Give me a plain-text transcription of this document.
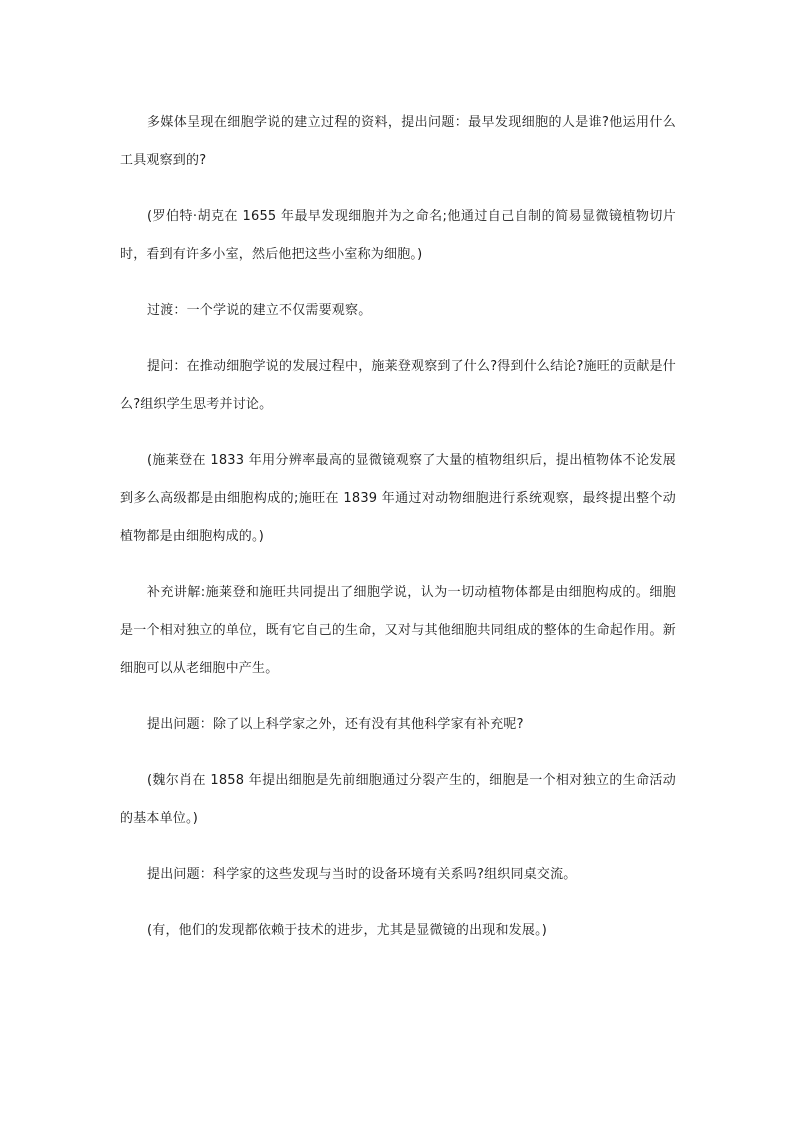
多媒体呈现在细胞学说的建立过程的资料，提出问题：最早发现细胞的人是谁?他运用什么工具观察到的?

(罗伯特·胡克在 1655 年最早发现细胞并为之命名;他通过自己自制的简易显微镜植物切片时，看到有许多小室，然后他把这些小室称为细胞。)

过渡：一个学说的建立不仅需要观察。

提问：在推动细胞学说的发展过程中，施莱登观察到了什么?得到什么结论?施旺的贡献是什么?组织学生思考并讨论。

(施莱登在 1833 年用分辨率最高的显微镜观察了大量的植物组织后，提出植物体不论发展到多么高级都是由细胞构成的;施旺在 1839 年通过对动物细胞进行系统观察，最终提出整个动植物都是由细胞构成的。)

补充讲解:施莱登和施旺共同提出了细胞学说，认为一切动植物体都是由细胞构成的。细胞是一个相对独立的单位，既有它自己的生命，又对与其他细胞共同组成的整体的生命起作用。新细胞可以从老细胞中产生。

提出问题：除了以上科学家之外，还有没有其他科学家有补充呢?

(魏尔肖在 1858 年提出细胞是先前细胞通过分裂产生的，细胞是一个相对独立的生命活动的基本单位。)

提出问题：科学家的这些发现与当时的设备环境有关系吗?组织同桌交流。

(有，他们的发现都依赖于技术的进步，尤其是显微镜的出现和发展。)
